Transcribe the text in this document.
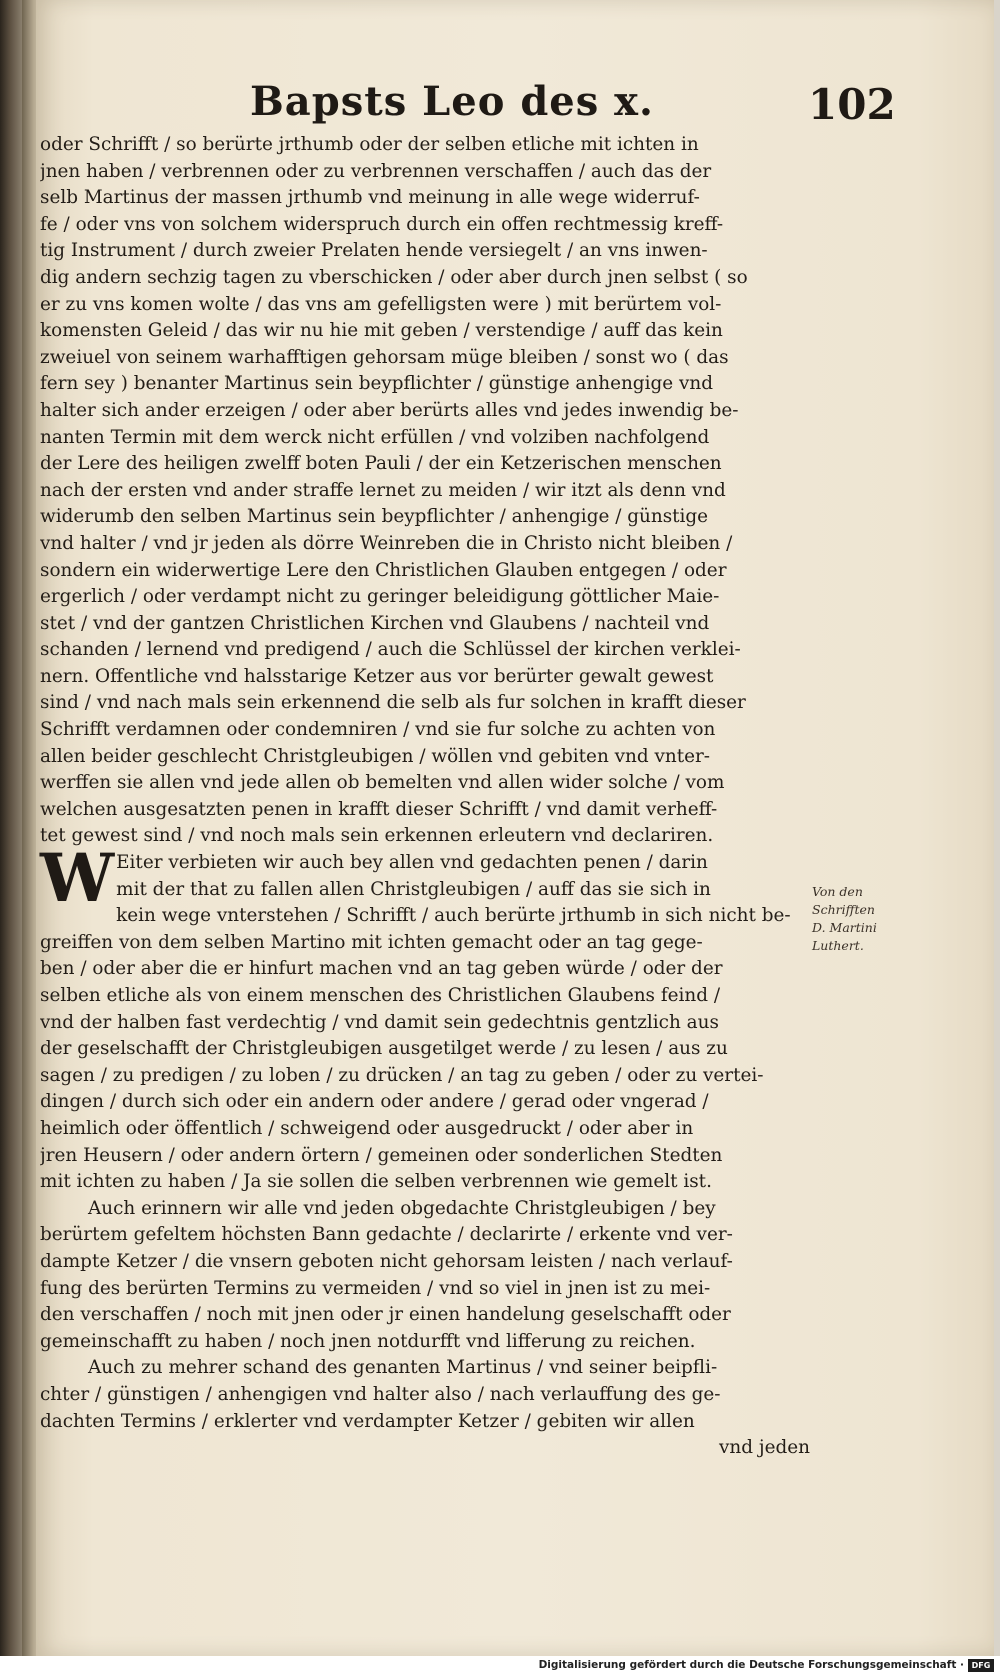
Bapsts Leo des x.	102

oder Schrifft / so berürte jrthumb oder der selben etliche mit ichten in
jnen haben / verbrennen oder zu verbrennen verschaffen / auch das der
selb Martinus der massen jrthumb vnd meinung in alle wege widerruf-
fe / oder vns von solchem widerspruch durch ein offen rechtmessig kreff-
tig Instrument / durch zweier Prelaten hende versiegelt / an vns inwen-
dig andern sechzig tagen zu vberschicken / oder aber durch jnen selbst ( so
er zu vns komen wolte / das vns am gefelligsten were ) mit berürtem vol-
komensten Geleid / das wir nu hie mit geben / verstendige / auff das kein
zweiuel von seinem warhafftigen gehorsam müge bleiben / sonst wo ( das
fern sey ) benanter Martinus sein beypflichter / günstige anhengige vnd
halter sich ander erzeigen / oder aber berürts alles vnd jedes inwendig be-
nanten Termin mit dem werck nicht erfüllen / vnd volziben nachfolgend
der Lere des heiligen zwelff boten Pauli / der ein Ketzerischen menschen
nach der ersten vnd ander straffe lernet zu meiden / wir itzt als denn vnd
widerumb den selben Martinus sein beypflichter / anhengige / günstige
vnd halter / vnd jr jeden als dörre Weinreben die in Christo nicht bleiben /
sondern ein widerwertige Lere den Christlichen Glauben entgegen / oder
ergerlich / oder verdampt nicht zu geringer beleidigung göttlicher Maie-
stet / vnd der gantzen Christlichen Kirchen vnd Glaubens / nachteil vnd
schanden / lernend vnd predigend / auch die Schlüssel der kirchen verklei-
nern. Offentliche vnd halsstarige Ketzer aus vor berürter gewalt gewest
sind / vnd nach mals sein erkennend die selb als fur solchen in krafft dieser
Schrifft verdamnen oder condemniren / vnd sie fur solche zu achten von
allen beider geschlecht Christgleubigen / wöllen vnd gebiten vnd vnter-
werffen sie allen vnd jede allen ob bemelten vnd allen wider solche / vom
welchen ausgesatzten penen in krafft dieser Schrifft / vnd damit verheff-
tet gewest sind / vnd noch mals sein erkennen erleutern vnd declariren.

W Eiter verbieten wir auch bey allen vnd gedachten penen / darin
mit der that zu fallen allen Christgleubigen / auff das sie sich in
kein wege vnterstehen / Schrifft / auch berürte jrthumb in sich nicht be-
greiffen von dem selben Martino mit ichten gemacht oder an tag gege-
ben / oder aber die er hinfurt machen vnd an tag geben würde / oder der
selben etliche als von einem menschen des Christlichen Glaubens feind /
vnd der halben fast verdechtig / vnd damit sein gedechtnis gentzlich aus
der geselschafft der Christgleubigen ausgetilget werde / zu lesen / aus zu
sagen / zu predigen / zu loben / zu drücken / an tag zu geben / oder zu vertei-
dingen / durch sich oder ein andern oder andere / gerad oder vngerad /
heimlich oder öffentlich / schweigend oder ausgedruckt / oder aber in
jren Heusern / oder andern örtern / gemeinen oder sonderlichen Stedten
mit ichten zu haben / Ja sie sollen die selben verbrennen wie gemelt ist.

Auch erinnern wir alle vnd jeden obgedachte Christgleubigen / bey
berürtem gefeltem höchsten Bann gedachte / declarirte / erkente vnd ver-
dampte Ketzer / die vnsern geboten nicht gehorsam leisten / nach verlauf-
fung des berürten Termins zu vermeiden / vnd so viel in jnen ist zu mei-
den verschaffen / noch mit jnen oder jr einen handelung geselschafft oder
gemeinschafft zu haben / noch jnen notdurfft vnd lifferung zu reichen.

Auch zu mehrer schand des genanten Martinus / vnd seiner beipfli-
chter / günstigen / anhengigen vnd halter also / nach verlauffung des ge-
dachten Termins / erklerter vnd verdampter Ketzer / gebiten wir allen

vnd jeden
Von den
Schrifften
D. Martini
Luthert.
Digitalisierung gefördert durch die Deutsche Forschungsgemeinschaft · DFG
